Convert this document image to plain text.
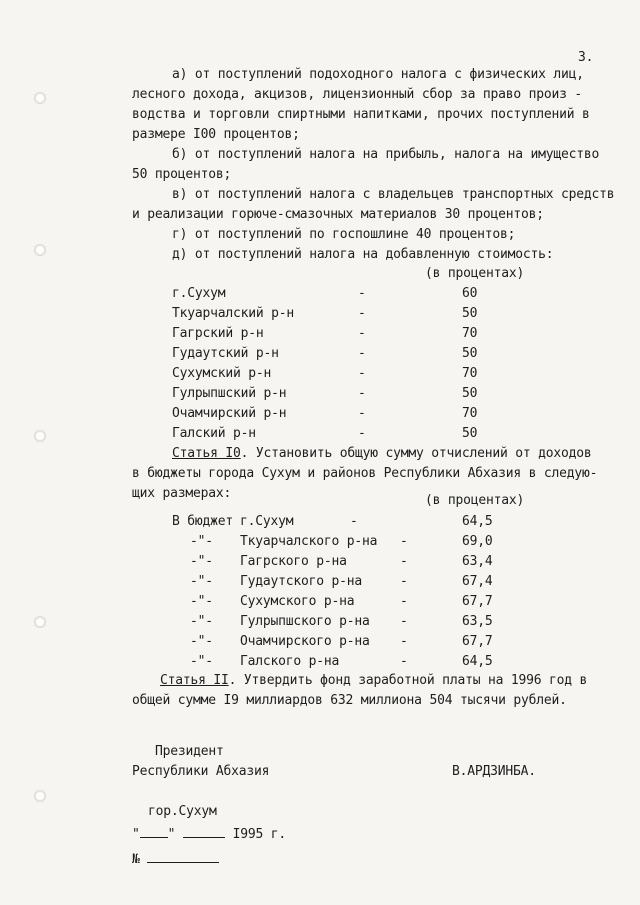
3.
а) от поступлений подоходного налога с физических лиц,
лесного дохода, акцизов, лицензионный сбор за право произ -
водства и торговли спиртными напитками, прочих поступлений в
размере I00 процентов;
б) от поступлений налога на прибыль, налога на имущество
50 процентов;
в) от поступлений налога с владельцев транспортных средств
и реализации горюче-смазочных материалов 30 процентов;
г) от поступлений по госпошлине 40 процентов;
д) от поступлений налога на добавленную стоимость:
(в процентах)
г.Сухум	-	60
Ткуарчалский р-н	-	50
Гагрский р-н	-	70
Гудаутский р-н	-	50
Сухумский р-н	-	70
Гулрыпшский р-н	-	50
Очамчирский р-н	-	70
Галский р-н	-	50
Статья I0. Установить общую сумму отчислений от доходов
в бюджеты города Сухум и районов Республики Абхазия в следую-
щих размерах:	(в процентах)
В бюджет г.Сухум	-	64,5
-"- Ткуарчалского р-на -	69,0
-"- Гагрского р-на	-	63,4
-"- Гудаутского р-на	-	67,4
-"- Сухумского р-на	-	67,7
-"- Гулрыпшского р-на -	63,5
-"- Очамчирского р-на -	67,7
-"- Галского р-на	-	64,5
Статья II. Утвердить фонд заработной платы на 1996 год в
общей сумме I9 миллиардов 632 миллиона 504 тысячи рублей.
Президент
Республики Абхазия	В.АРДЗИНБА.
гор.Сухум
" "	I995 г.
№
